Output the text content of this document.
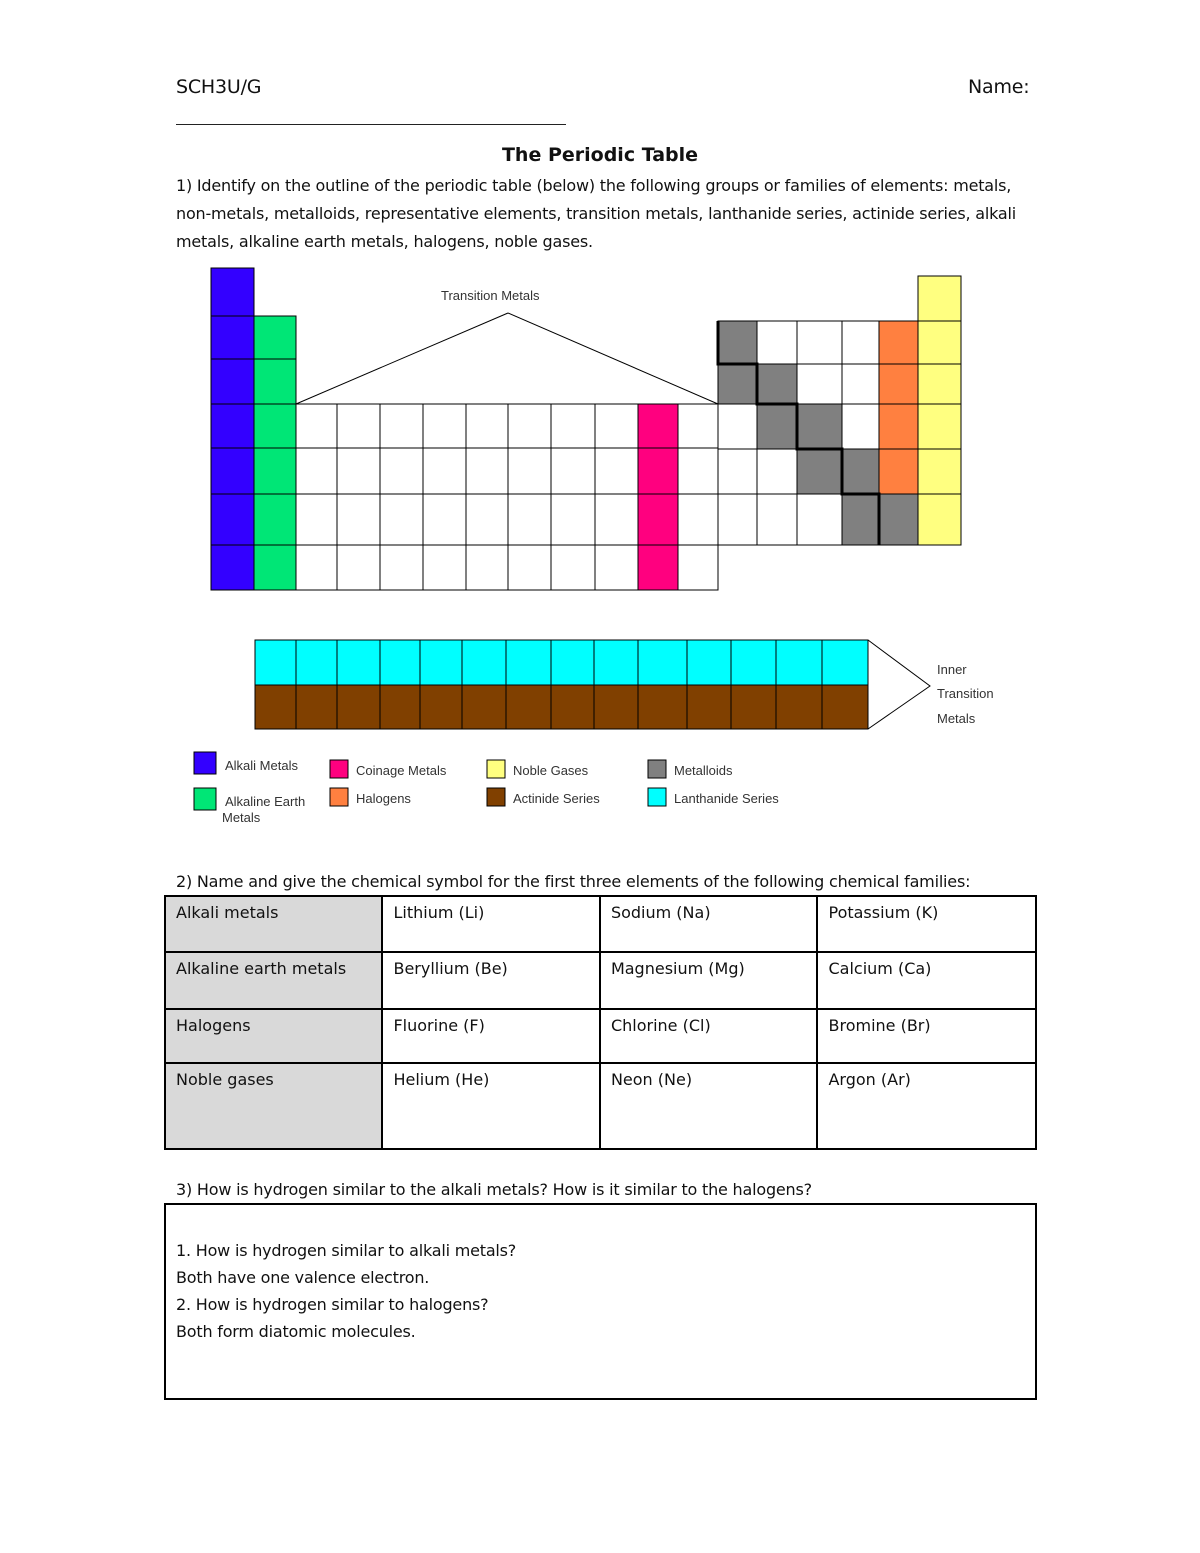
SCH3U/G	Name:
The Periodic Table
1) Identify on the outline of the periodic table (below) the following groups or families of elements: metals, non-metals, metalloids, representative elements, transition metals, lanthanide series, actinide series, alkali metals, alkaline earth metals, halogens, noble gases.
Transition Metals
Inner
Transition
Metals
Alkali Metals
Alkaline Earth
Metals
Coinage Metals
Halogens
Noble Gases
Actinide Series
Metalloids
Lanthanide Series
2) Name and give the chemical symbol for the first three elements of the following chemical families:
Alkali metals	Lithium (Li)	Sodium (Na)	Potassium (K)
Alkaline earth metals	Beryllium (Be)	Magnesium (Mg)	Calcium (Ca)
Halogens	Fluorine (F)	Chlorine (Cl)	Bromine (Br)
Noble gases	Helium (He)	Neon (Ne)	Argon (Ar)
3) How is hydrogen similar to the alkali metals? How is it similar to the halogens?
1. How is hydrogen similar to alkali metals?
Both have one valence electron.
2. How is hydrogen similar to halogens?
Both form diatomic molecules.
